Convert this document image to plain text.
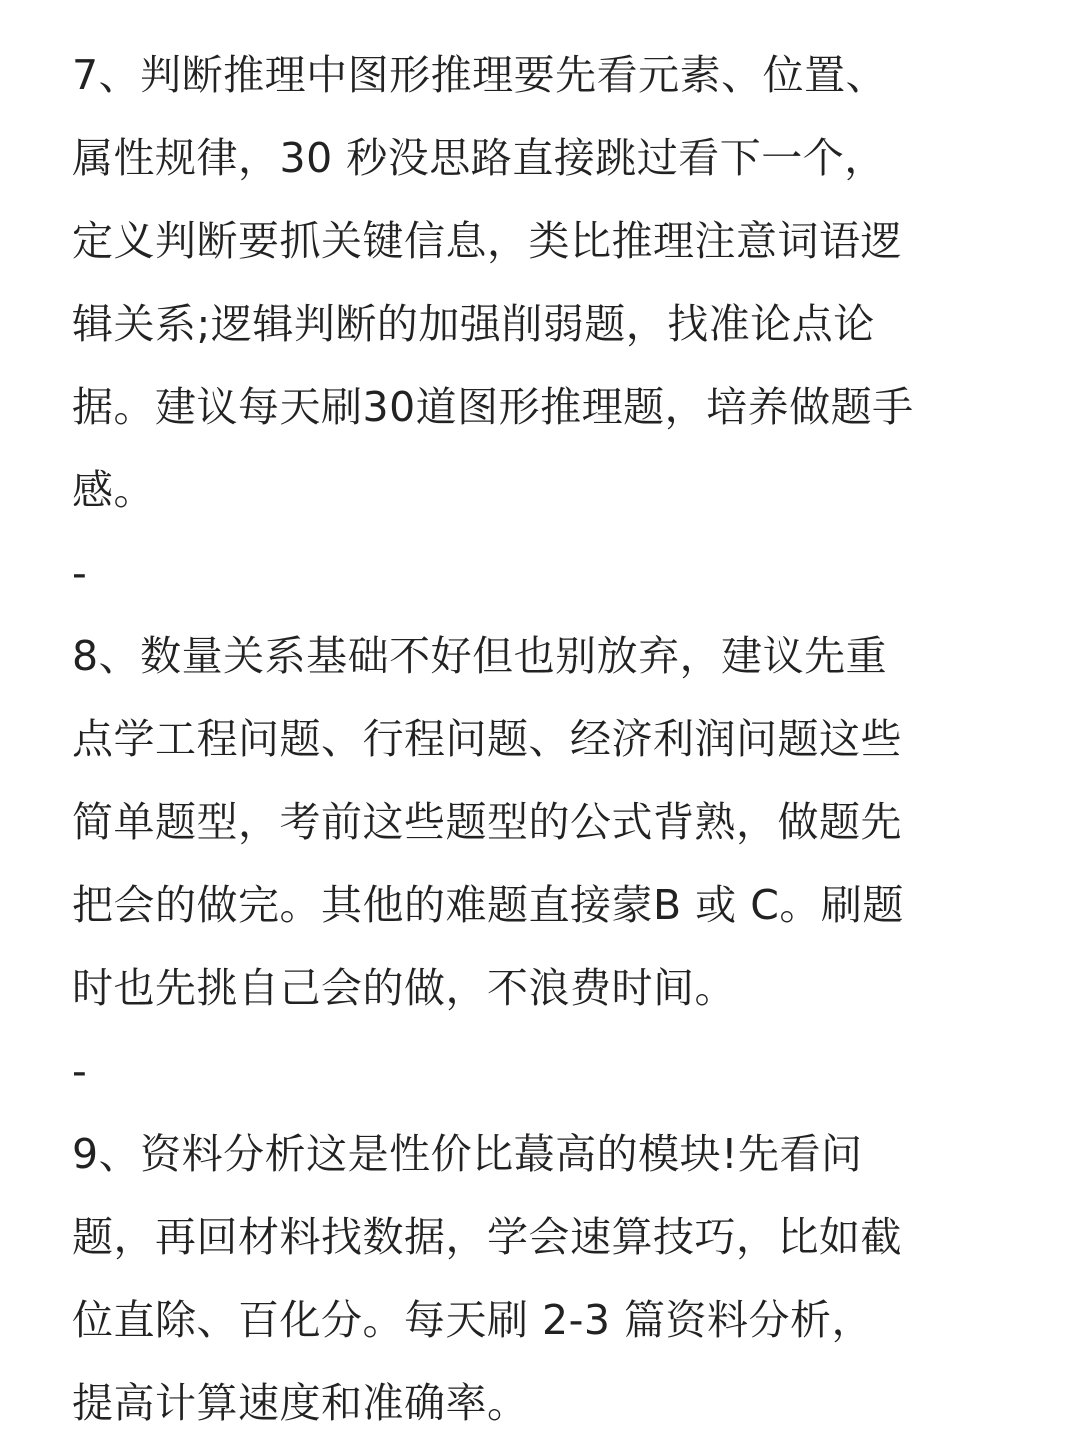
7、判断推理中图形推理要先看元素、位置、
属性规律，30 秒没思路直接跳过看下一个，
定义判断要抓关键信息，类比推理注意词语逻
辑关系;逻辑判断的加强削弱题，找准论点论
据。建议每天刷30道图形推理题，培养做题手
感。
-
8、数量关系基础不好但也别放弃，建议先重
点学工程问题、行程问题、经济利润问题这些
简单题型，考前这些题型的公式背熟，做题先
把会的做完。其他的难题直接蒙B 或 C。刷题
时也先挑自己会的做，不浪费时间。
-
9、资料分析这是性价比蕞高的模块!先看问
题，再回材料找数据，学会速算技巧，比如截
位直除、百化分。每天刷 2-3 篇资料分析，
提高计算速度和准确率。
